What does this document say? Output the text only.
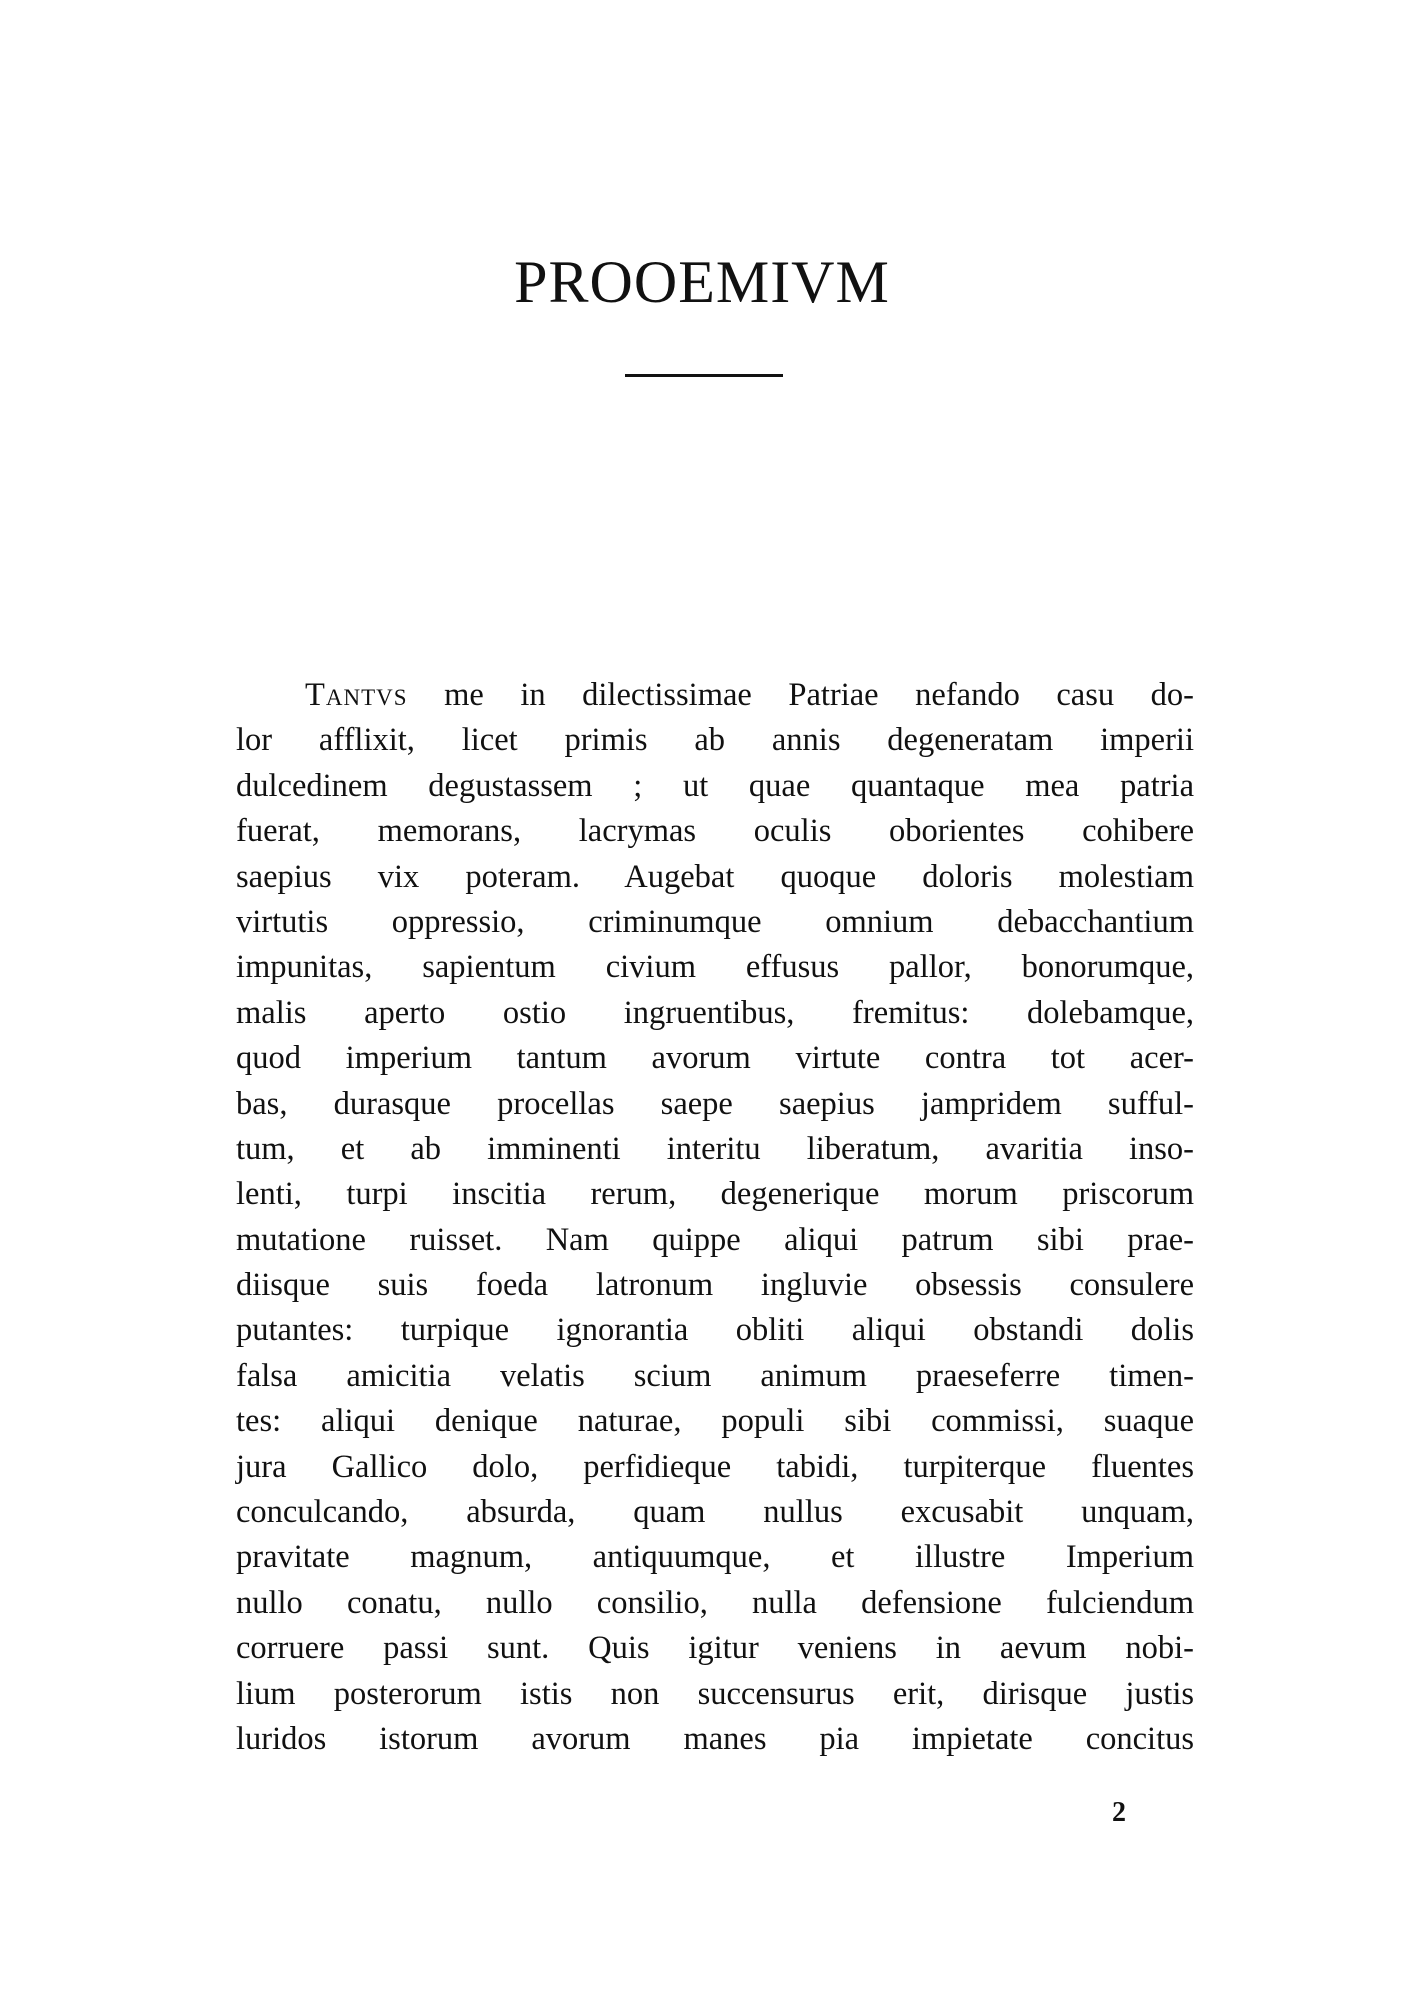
PROOEMIVM
Tantvs me in dilectissimae Patriae nefando casu do-
lor afflixit, licet primis ab annis degeneratam imperii
dulcedinem degustassem ; ut quae quantaque mea patria
fuerat, memorans, lacrymas oculis oborientes cohibere
saepius vix poteram. Augebat quoque doloris molestiam
virtutis oppressio, criminumque omnium debacchantium
impunitas, sapientum civium effusus pallor, bonorumque,
malis aperto ostio ingruentibus, fremitus: dolebamque,
quod imperium tantum avorum virtute contra tot acer-
bas, durasque procellas saepe saepius jampridem sufful-
tum, et ab imminenti interitu liberatum, avaritia inso-
lenti, turpi inscitia rerum, degenerique morum priscorum
mutatione ruisset. Nam quippe aliqui patrum sibi prae-
diisque suis foeda latronum ingluvie obsessis consulere
putantes: turpique ignorantia obliti aliqui obstandi dolis
falsa amicitia velatis scium animum praeseferre timen-
tes: aliqui denique naturae, populi sibi commissi, suaque
jura Gallico dolo, perfidieque tabidi, turpiterque fluentes
conculcando, absurda, quam nullus excusabit unquam,
pravitate magnum, antiquumque, et illustre Imperium
nullo conatu, nullo consilio, nulla defensione fulciendum
corruere passi sunt. Quis igitur veniens in aevum nobi-
lium posterorum istis non succensurus erit, dirisque justis
luridos istorum avorum manes pia impietate concitus
2
